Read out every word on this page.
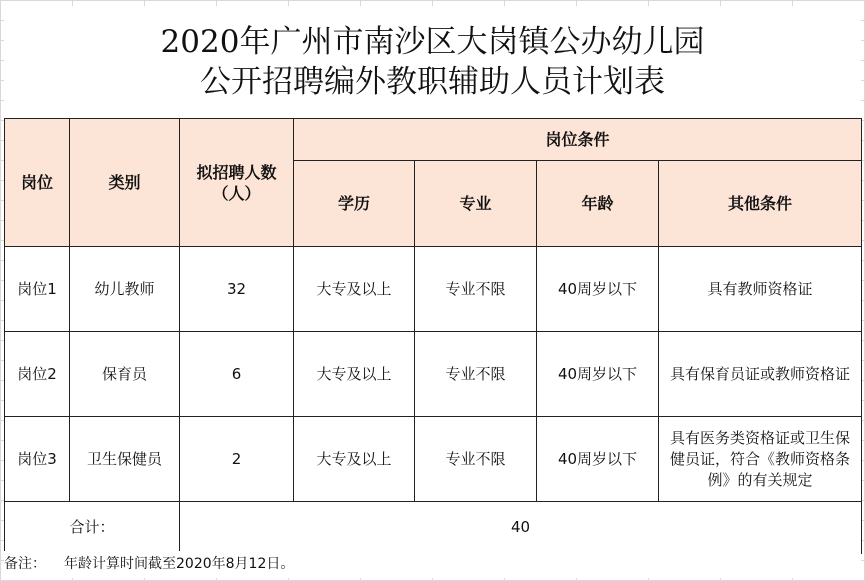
2020年广州市南沙区大岗镇公办幼儿园
公开招聘编外教职辅助人员计划表
岗位	类别	拟招聘人数（人）	岗位条件			
			学历	专业	年龄	其他条件
岗位1	幼儿教师	32	大专及以上	专业不限	40周岁以下	具有教师资格证
岗位2	保育员	6	大专及以上	专业不限	40周岁以下	具有保育员证或教师资格证
岗位3	卫生保健员	2	大专及以上	专业不限	40周岁以下	具有医务类资格证或卫生保健员证，符合《教师资格条例》的有关规定
合计：		40				
备注： 年龄计算时间截至2020年8月12日。
